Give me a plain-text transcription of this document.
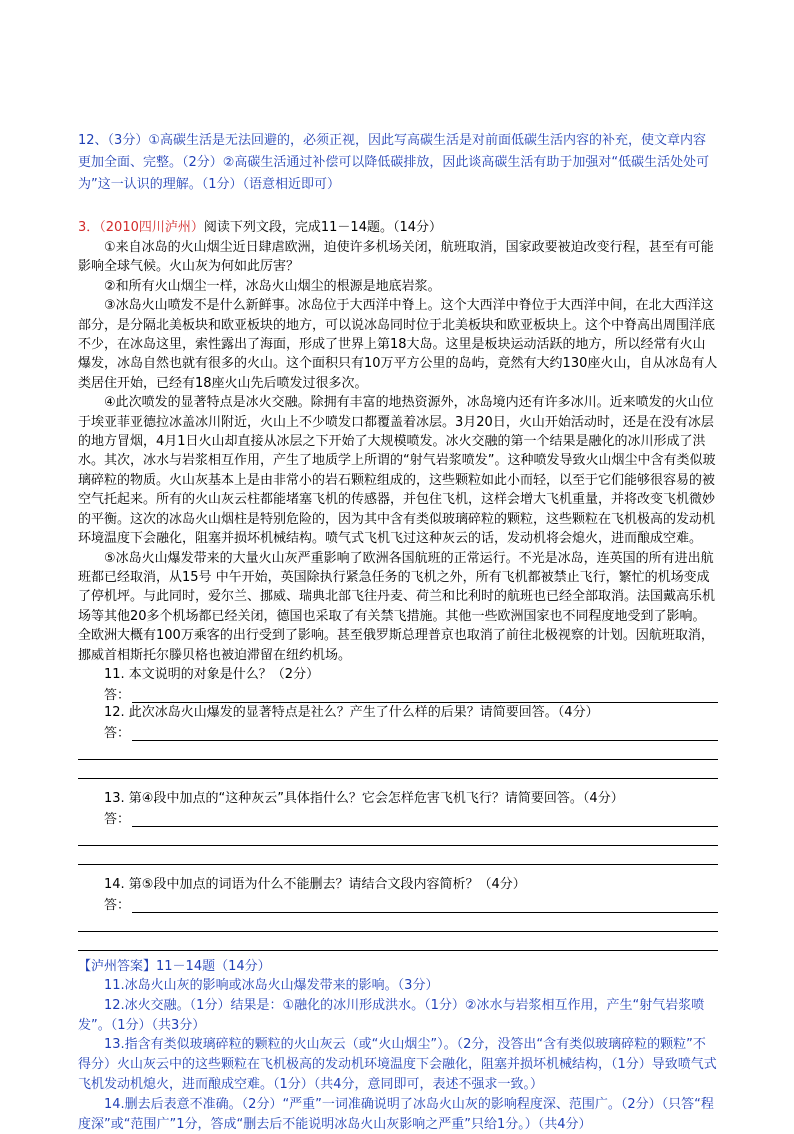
12、（3分）①高碳生活是无法回避的，必须正视，因此写高碳生活是对前面低碳生活内容的补充，使文章内容更加全面、完整。（2分）②高碳生活通过补偿可以降低碳排放，因此谈高碳生活有助于加强对“低碳生活处处可为”这一认识的理解。（1分）（语意相近即可）

3．（2010四川泸州）阅读下列文段，完成11－14题。（14分）

①来自冰岛的火山烟尘近日肆虐欧洲，迫使许多机场关闭，航班取消，国家政要被迫改变行程，甚至有可能影响全球气候。火山灰为何如此厉害？

②和所有火山烟尘一样，冰岛火山烟尘的根源是地底岩浆。

③冰岛火山喷发不是什么新鲜事。冰岛位于大西洋中脊上。这个大西洋中脊位于大西洋中间，在北大西洋这部分，是分隔北美板块和欧亚板块的地方，可以说冰岛同时位于北美板块和欧亚板块上。这个中脊高出周围洋底不少，在冰岛这里，索性露出了海面，形成了世界上第18大岛。这里是板块运动活跃的地方，所以经常有火山爆发，冰岛自然也就有很多的火山。这个面积只有10万平方公里的岛屿，竟然有大约130座火山，自从冰岛有人类居住开始，已经有18座火山先后喷发过很多次。

④此次喷发的显著特点是冰火交融。除拥有丰富的地热资源外，冰岛境内还有许多冰川。近来喷发的火山位于埃亚菲亚德拉冰盖冰川附近，火山上不少喷发口都覆盖着冰层。3月20日，火山开始活动时，还是在没有冰层的地方冒烟，4月1日火山却直接从冰层之下开始了大规模喷发。冰火交融的第一个结果是融化的冰川形成了洪水。其次，冰水与岩浆相互作用，产生了地质学上所谓的“射气岩浆喷发”。这种喷发导致火山烟尘中含有类似玻璃碎粒的物质。火山灰基本上是由非常小的岩石颗粒组成的，这些颗粒如此小而轻，以至于它们能够很容易的被空气托起来。所有的火山灰云柱都能堵塞飞机的传感器，并包住飞机，这样会增大飞机重量，并将改变飞机微妙的平衡。这次的冰岛火山烟柱是特别危险的，因为其中含有类似玻璃碎粒的颗粒，这些颗粒在飞机极高的发动机环境温度下会融化，阻塞并损坏机械结构。喷气式飞机飞过这种灰云的话，发动机将会熄火，进而酿成空难。

⑤冰岛火山爆发带来的大量火山灰严重影响了欧洲各国航班的正常运行。不光是冰岛，连英国的所有进出航班都已经取消，从15号 中午开始，英国除执行紧急任务的飞机之外，所有飞机都被禁止飞行，繁忙的机场变成了停机坪。与此同时，爱尔兰、挪威、瑞典北部飞往丹麦、荷兰和比利时的航班也已经全部取消。法国戴高乐机场等其他20多个机场都已经关闭，德国也采取了有关禁飞措施。其他一些欧洲国家也不同程度地受到了影响。全欧洲大概有100万乘客的出行受到了影响。甚至俄罗斯总理普京也取消了前往北极视察的计划。因航班取消，挪威首相斯托尔滕贝格也被迫滞留在纽约机场。

11. 本文说明的对象是什么？（2分）

答：

12. 此次冰岛火山爆发的显著特点是社么？产生了什么样的后果？请简要回答。（4分）

答：

13. 第④段中加点的“这种灰云”具体指什么？它会怎样危害飞机飞行？请简要回答。（4分）

答：

14. 第⑤段中加点的词语为什么不能删去？请结合文段内容简析？（4分）

答：
【泸州答案】11－14题（14分）

11.冰岛火山灰的影响或冰岛火山爆发带来的影响。（3分）

12.冰火交融。（1分）结果是：①融化的冰川形成洪水。（1分）②冰水与岩浆相互作用，产生“射气岩浆喷发”。（1分）（共3分）

13.指含有类似玻璃碎粒的颗粒的火山灰云（或“火山烟尘”）。（2分，没答出“含有类似玻璃碎粒的颗粒”不得分）火山灰云中的这些颗粒在飞机极高的发动机环境温度下会融化，阻塞并损坏机械结构，（1分）导致喷气式飞机发动机熄火，进而酿成空难。（1分）（共4分，意同即可，表述不强求一致。）

14.删去后表意不准确。（2分）“严重”一词准确说明了冰岛火山灰的影响程度深、范围广。（2分）（只答“程度深”或“范围广”1分，答成“删去后不能说明冰岛火山灰影响之严重”只给1分。）（共4分）
